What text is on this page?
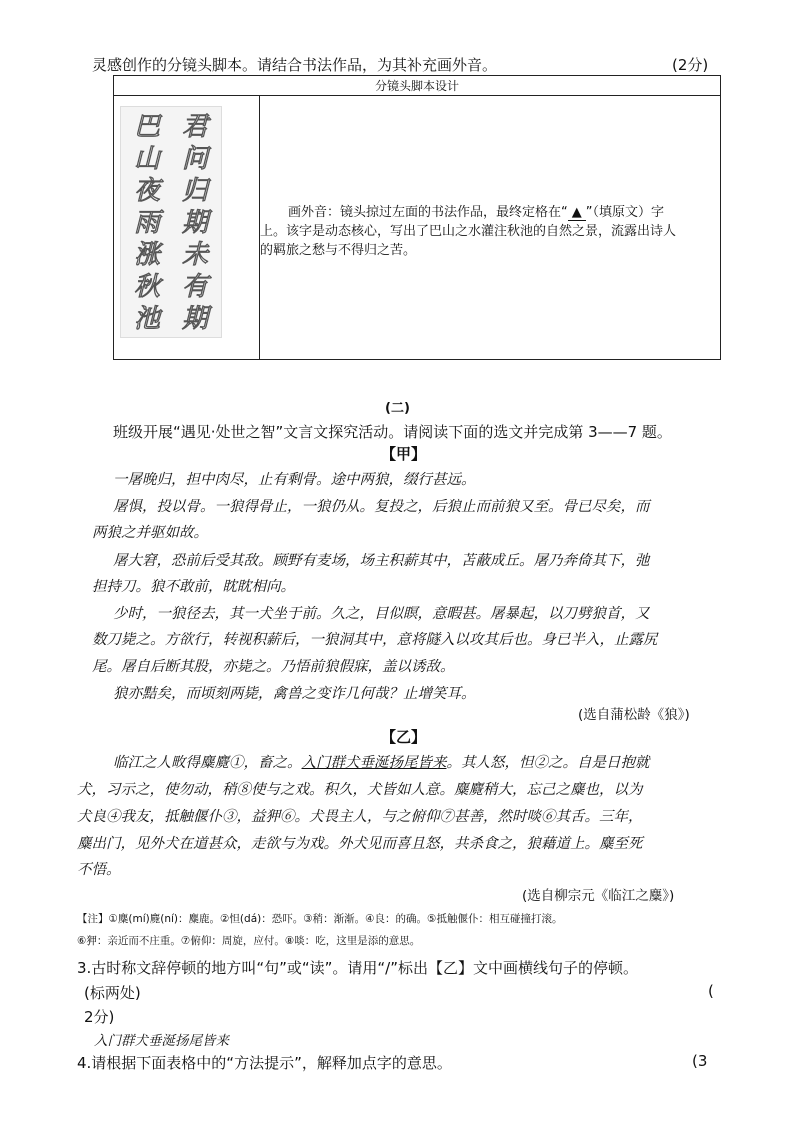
灵感创作的分镜头脚本。请结合书法作品，为其补充画外音。	(2分)
分镜头脚本设计
君问归期未有期
巴山夜雨涨秋池
画外音：镜头掠过左面的书法作品，最终定格在“ ▲ ”（填原文）字
上。该字是动态核心，写出了巴山之水灌注秋池的自然之景，流露出诗人
的羁旅之愁与不得归之苦。
(二)
班级开展“遇见·处世之智”文言文探究活动。请阅读下面的选文并完成第 3——7 题。
【甲】
一屠晚归，担中肉尽，止有剩骨。途中两狼，缀行甚远。
屠惧，投以骨。一狼得骨止，一狼仍从。复投之，后狼止而前狼又至。骨已尽矣，而
两狼之并驱如故。
屠大窘，恐前后受其敌。顾野有麦场，场主积薪其中，苫蔽成丘。屠乃奔倚其下，弛
担持刀。狼不敢前，眈眈相向。
少时，一狼径去，其一犬坐于前。久之，目似瞑，意暇甚。屠暴起，以刀劈狼首，又
数刀毙之。方欲行，转视积薪后，一狼洞其中，意将隧入以攻其后也。身已半入，止露尻
尾。屠自后断其股，亦毙之。乃悟前狼假寐，盖以诱敌。
狼亦黠矣，而顷刻两毙，禽兽之变诈几何哉？止增笑耳。
(选自蒲松龄《狼》)
【乙】
临江之人畋得麋麑①，畜之。入门群犬垂涎扬尾皆来。其人怒，怛②之。自是日抱就
犬，习示之，使勿动，稍⑧使与之戏。积久，犬皆如人意。麋麑稍大，忘己之麋也，以为
犬良④我友，抵触偃仆③，益狎⑥。犬畏主人，与之俯仰⑦甚善，然时啖⑥其舌。三年，
麋出门，见外犬在道甚众，走欲与为戏。外犬见而喜且怒，共杀食之，狼藉道上。麋至死
不悟。
(选自柳宗元《临江之麋》)
【注】①麋(mí)麑(ní)：麋鹿。②怛(dá)：恐吓。③稍：渐渐。④良：的确。⑤抵触偃仆：相互碰撞打滚。
⑥狎：亲近而不庄重。⑦俯仰：周旋，应付。⑧啖：吃，这里是添的意思。
3.古时称文辞停顿的地方叫“句”或“读”。请用“/”标出【乙】文中画横线句子的停顿。
(标两处)	(
2分)
入门群犬垂涎扬尾皆来
4.请根据下面表格中的“方法提示”，解释加点字的意思。	(3
